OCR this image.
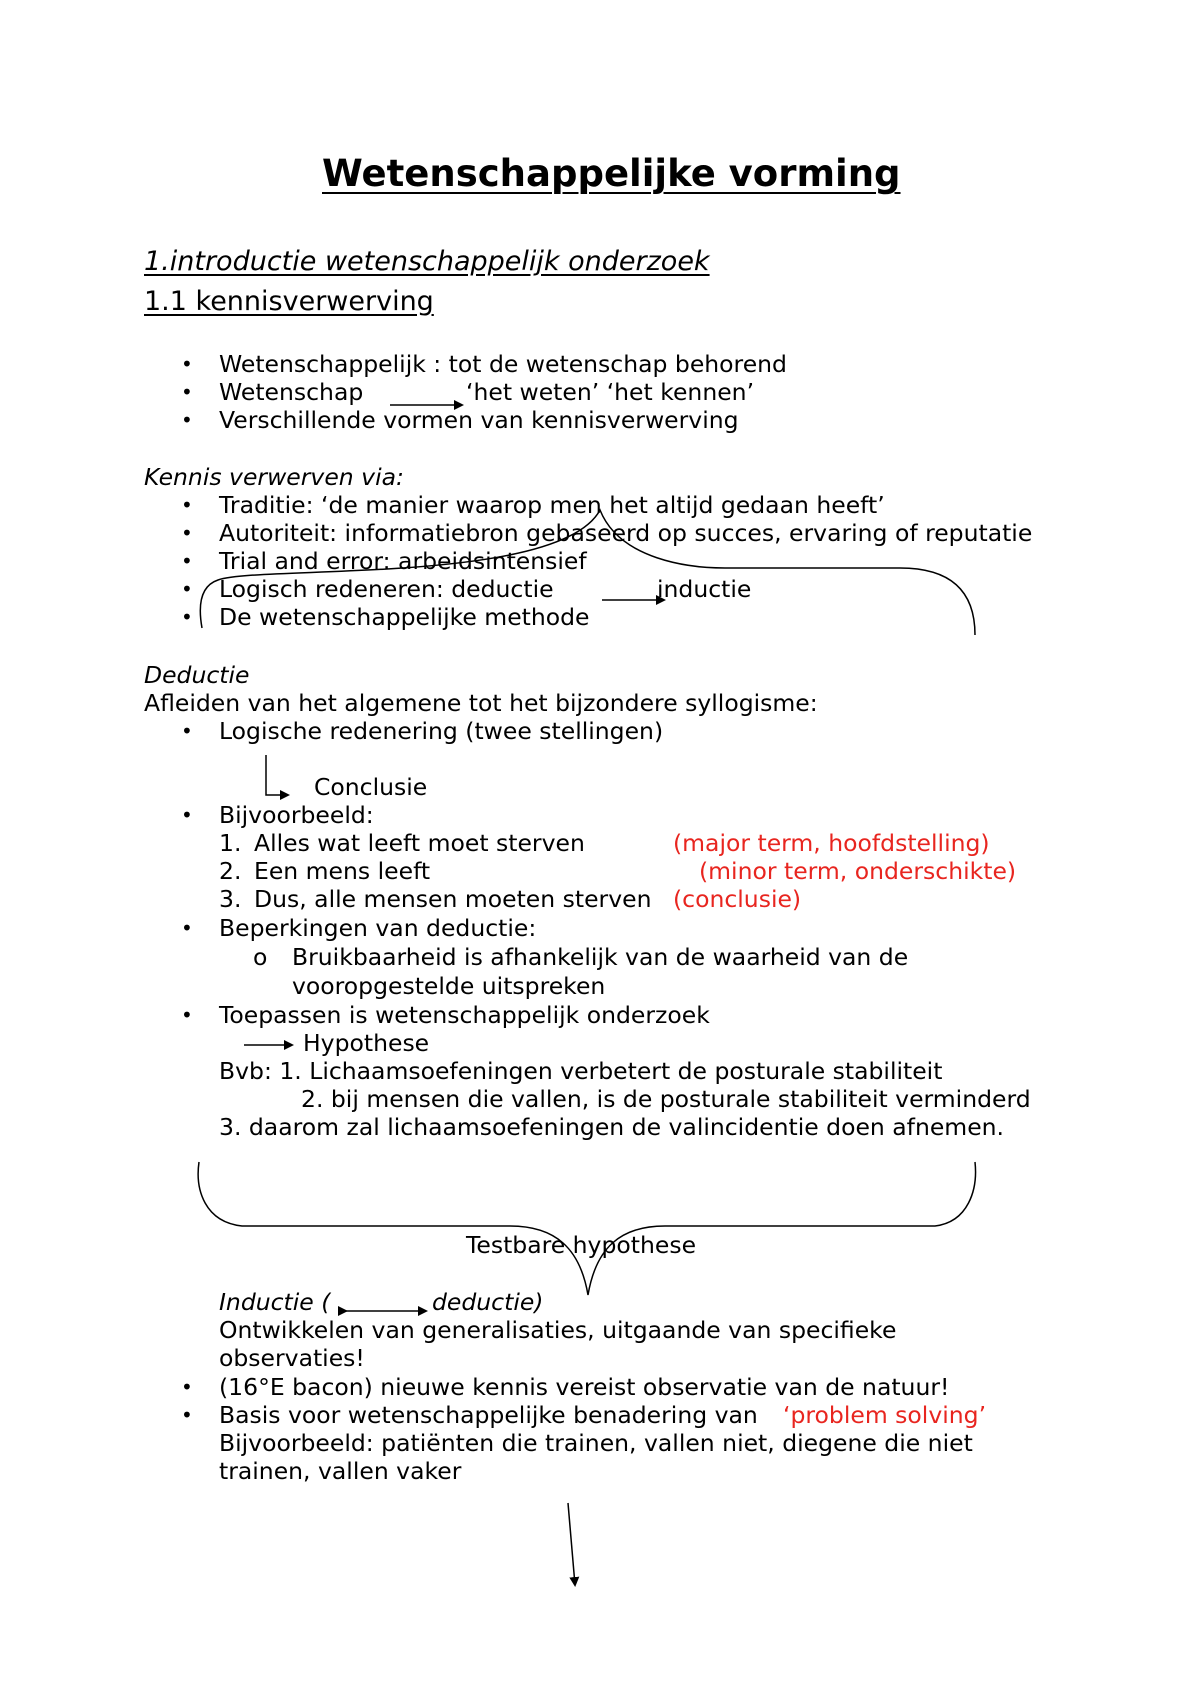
Wetenschappelijke vorming
1.introductie wetenschappelijk onderzoek
1.1 kennisverwerving
• Wetenschappelijk : tot de wetenschap behorend
• Wetenschap	‘het weten’ ‘het kennen’
• Verschillende vormen van kennisverwerving
Kennis verwerven via:
• Traditie: ‘de manier waarop men het altijd gedaan heeft’
• Autoriteit: informatiebron gebaseerd op succes, ervaring of reputatie
• Trial and error: arbeidsintensief
• Logisch redeneren: deductie	inductie
• De wetenschappelijke methode
Deductie
Afleiden van het algemene tot het bijzondere syllogisme:
• Logische redenering (twee stellingen)
Conclusie
• Bijvoorbeeld:
1. Alles wat leeft moet sterven	(major term, hoofdstelling)
2. Een mens leeft	(minor term, onderschikte)
3. Dus, alle mensen moeten sterven (conclusie)
• Beperkingen van deductie:
o Bruikbaarheid is afhankelijk van de waarheid van de
vooropgestelde uitspreken
• Toepassen is wetenschappelijk onderzoek
Hypothese
Bvb: 1. Lichaamsoefeningen verbetert de posturale stabiliteit
2. bij mensen die vallen, is de posturale stabiliteit verminderd
3. daarom zal lichaamsoefeningen de valincidentie doen afnemen.
Testbare hypothese
Inductie (	deductie)
Ontwikkelen van generalisaties, uitgaande van specifieke
observaties!
• (16°E bacon) nieuwe kennis vereist observatie van de natuur!
• Basis voor wetenschappelijke benadering van ‘problem solving’
Bijvoorbeeld: patiënten die trainen, vallen niet, diegene die niet
trainen, vallen vaker
